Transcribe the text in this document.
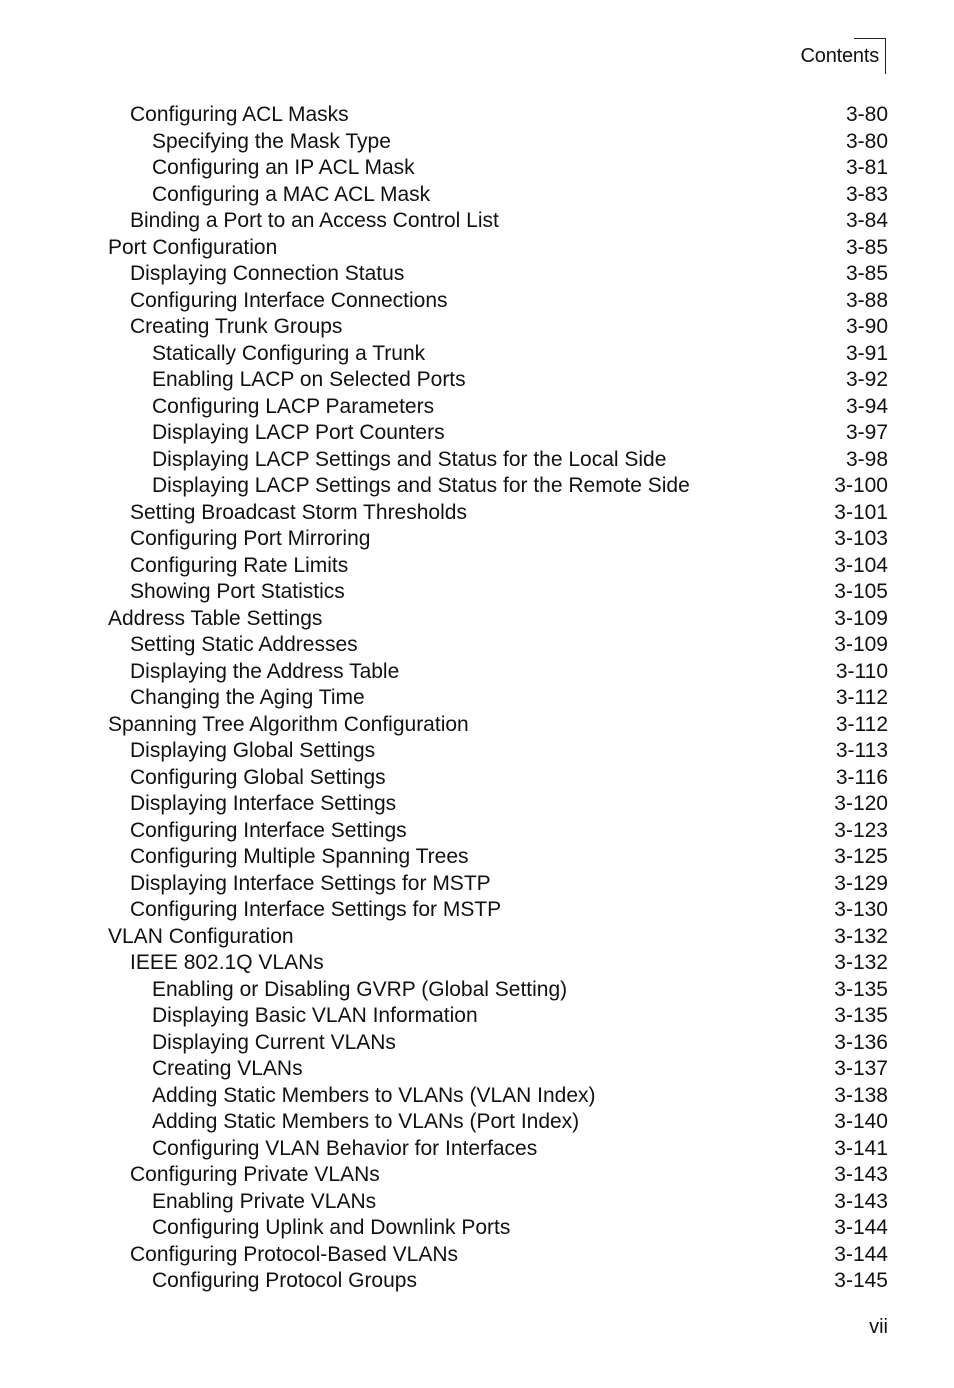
Contents
Configuring ACL Masks	3-80
Specifying the Mask Type	3-80
Configuring an IP ACL Mask	3-81
Configuring a MAC ACL Mask	3-83
Binding a Port to an Access Control List	3-84
Port Configuration	3-85
Displaying Connection Status	3-85
Configuring Interface Connections	3-88
Creating Trunk Groups	3-90
Statically Configuring a Trunk	3-91
Enabling LACP on Selected Ports	3-92
Configuring LACP Parameters	3-94
Displaying LACP Port Counters	3-97
Displaying LACP Settings and Status for the Local Side	3-98
Displaying LACP Settings and Status for the Remote Side	3-100
Setting Broadcast Storm Thresholds	3-101
Configuring Port Mirroring	3-103
Configuring Rate Limits	3-104
Showing Port Statistics	3-105
Address Table Settings	3-109
Setting Static Addresses	3-109
Displaying the Address Table	3-110
Changing the Aging Time	3-112
Spanning Tree Algorithm Configuration	3-112
Displaying Global Settings	3-113
Configuring Global Settings	3-116
Displaying Interface Settings	3-120
Configuring Interface Settings	3-123
Configuring Multiple Spanning Trees	3-125
Displaying Interface Settings for MSTP	3-129
Configuring Interface Settings for MSTP	3-130
VLAN Configuration	3-132
IEEE 802.1Q VLANs	3-132
Enabling or Disabling GVRP (Global Setting)	3-135
Displaying Basic VLAN Information	3-135
Displaying Current VLANs	3-136
Creating VLANs	3-137
Adding Static Members to VLANs (VLAN Index)	3-138
Adding Static Members to VLANs (Port Index)	3-140
Configuring VLAN Behavior for Interfaces	3-141
Configuring Private VLANs	3-143
Enabling Private VLANs	3-143
Configuring Uplink and Downlink Ports	3-144
Configuring Protocol-Based VLANs	3-144
Configuring Protocol Groups	3-145
vii
